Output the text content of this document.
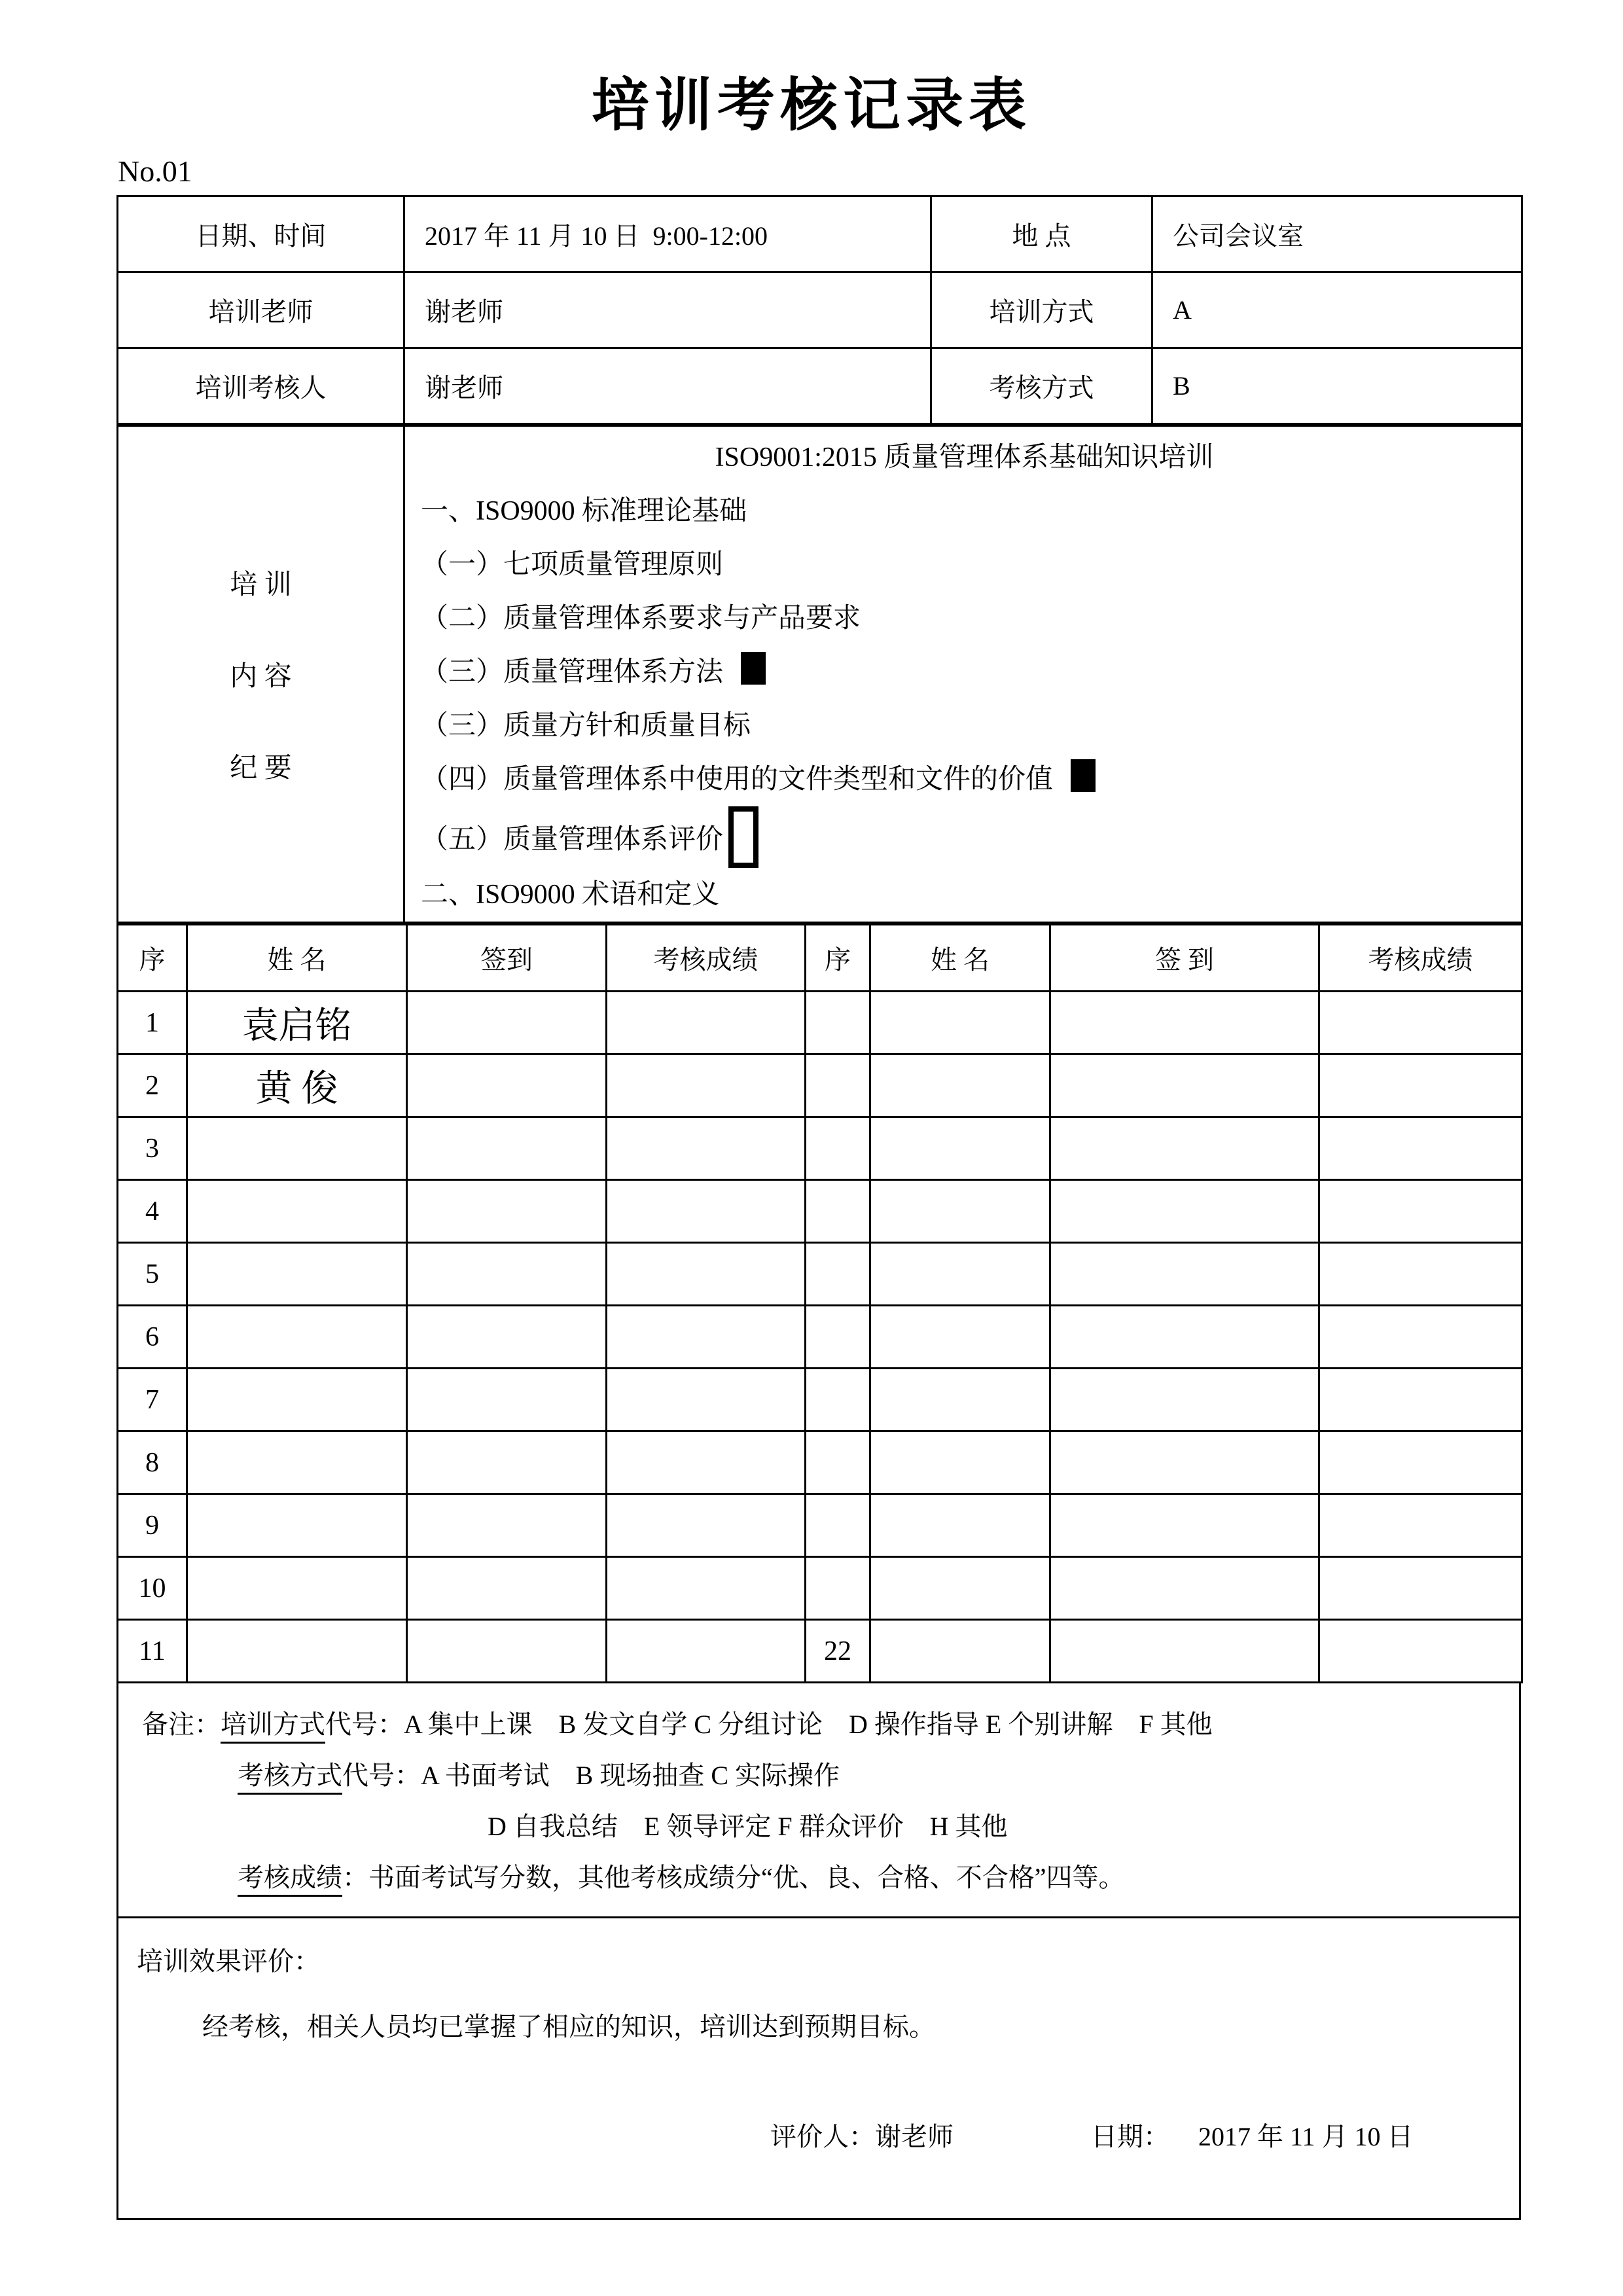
培训考核记录表
No.01
日期、时间	2017 年 11 月 10 日  9:00-12:00	地 点	公司会议室
培训老师	谢老师	培训方式	A
培训考核人	谢老师	考核方式	B
培 训
内 容
纪 要

ISO9001:2015 质量管理体系基础知识培训
一、ISO9000 标准理论基础
（一）七项质量管理原则
（二）质量管理体系要求与产品要求
（三）质量管理体系方法
（三）质量方针和质量目标
（四）质量管理体系中使用的文件类型和文件的价值
（五）质量管理体系评价
二、ISO9000 术语和定义
序	姓 名	签到	考核成绩	序	姓 名	签 到	考核成绩
1	袁启铭						
2	黄 俊						
3							
4							
5							
6							
7							
8							
9							
10							
11				22			
备注：培训方式代号：A 集中上课　B 发文自学 C 分组讨论　D 操作指导 E 个别讲解　F 其他
考核方式代号：A 书面考试　B 现场抽查 C 实际操作
D 自我总结　E 领导评定 F 群众评价　H 其他
考核成绩：书面考试写分数，其他考核成绩分“优、良、合格、不合格”四等。
培训效果评价：
经考核，相关人员均已掌握了相应的知识，培训达到预期目标。

评价人：谢老师	日期： 2017 年 11 月 10 日
